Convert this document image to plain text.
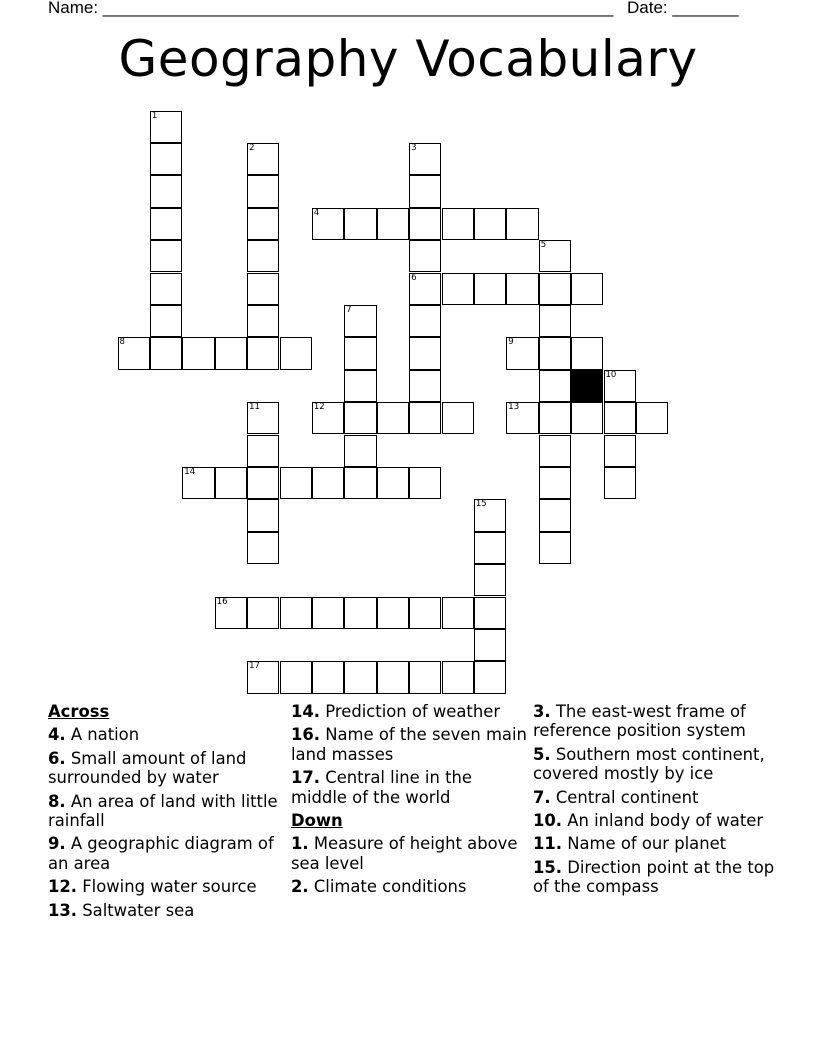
Name: ______________________________________________________ Date: _______
Geography Vocabulary
1
2	3
6
4
5
7
8	9
10
11	12	13
14
15
16
17
Across
4. A nation
6. Small amount of land surrounded by water
8. An area of land with little rainfall
9. A geographic diagram of an area
12. Flowing water source
13. Saltwater sea
14. Prediction of weather
16. Name of the seven main land masses
17. Central line in the middle of the world
Down
1. Measure of height above sea level
2. Climate conditions
3. The east-west frame of reference position system
5. Southern most continent, covered mostly by ice
7. Central continent
10. An inland body of water
11. Name of our planet
15. Direction point at the top of the compass
